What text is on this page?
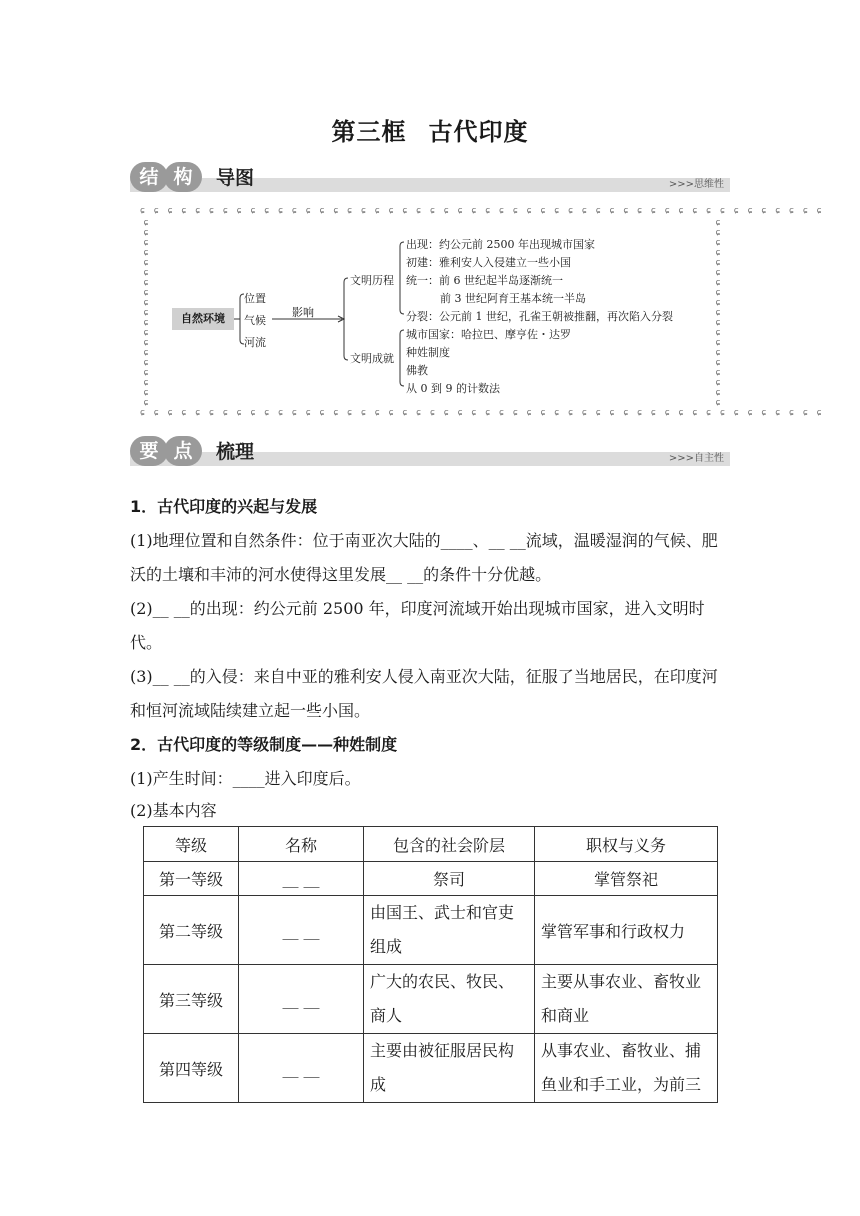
第三框 古代印度
结 构	导图	>>>思维性
ɕ ɕ ɕ ɕ ɕ ɕ ɕ ɕ ɕ ɕ ɕ ɕ ɕ ɕ ɕ ɕ ɕ ɕ ɕ ɕ ɕ ɕ ɕ ɕ ɕ ɕ ɕ ɕ ɕ ɕ ɕ ɕ ɕ ɕ ɕ ɕ ɕ ɕ ɕ ɕ ɕ ɕ ɕ ɕ ɕ ɕ ɕ ɕ ɕ ɕ
ɕ ɕ ɕ ɕ ɕ ɕ ɕ ɕ ɕ ɕ ɕ ɕ ɕ ɕ ɕ ɕ ɕ ɕ ɕ ɕ ɕ ɕ ɕ ɕ ɕ ɕ ɕ ɕ ɕ ɕ ɕ ɕ ɕ ɕ ɕ ɕ ɕ ɕ ɕ ɕ ɕ ɕ ɕ ɕ ɕ ɕ ɕ ɕ ɕ ɕ
ɕ
ɕ
ɕ
ɕ
ɕ
ɕ
ɕ
ɕ
ɕ
ɕ
ɕ
ɕ
ɕ
ɕ
ɕ
ɕ
ɕ
ɕ
ɕ
ɕ
ɕ
ɕ
ɕ
ɕ
ɕ
ɕ
ɕ
ɕ
ɕ
ɕ
ɕ
ɕ
ɕ
ɕ
ɕ
ɕ
ɕ
ɕ
自然环境
位置
气候
河流
影响
文明历程
文明成就
出现：约公元前 2500 年出现城市国家
初建：雅利安人入侵建立一些小国
统一：前 6 世纪起半岛逐渐统一
前 3 世纪阿育王基本统一半岛
分裂：公元前 1 世纪，孔雀王朝被推翻，再次陷入分裂
城市国家：哈拉巴、摩亨佐・达罗
种姓制度
佛教
从 0 到 9 的计数法
要 点	梳理	>>>自主性
1．古代印度的兴起与发展
(1)地理位置和自然条件：位于南亚次大陆的____、__ __流域，温暖湿润的气候、肥沃的土壤和丰沛的河水使得这里发展__ __的条件十分优越。
(2)__ __的出现：约公元前 2500 年，印度河流域开始出现城市国家，进入文明时代。
(3)__ __的入侵：来自中亚的雅利安人侵入南亚次大陆，征服了当地居民，在印度河和恒河流域陆续建立起一些小国。
2．古代印度的等级制度——种姓制度
(1)产生时间：____进入印度后。
(2)基本内容
等级	名称	包含的社会阶层	职权与义务
第一等级	__ __	祭司	掌管祭祀
第二等级	__ __	由国王、武士和官吏组成	掌管军事和行政权力
第三等级	__ __	广大的农民、牧民、商人	主要从事农业、畜牧业和商业
第四等级	__ __	主要由被征服居民构成	从事农业、畜牧业、捕鱼业和手工业，为前三
